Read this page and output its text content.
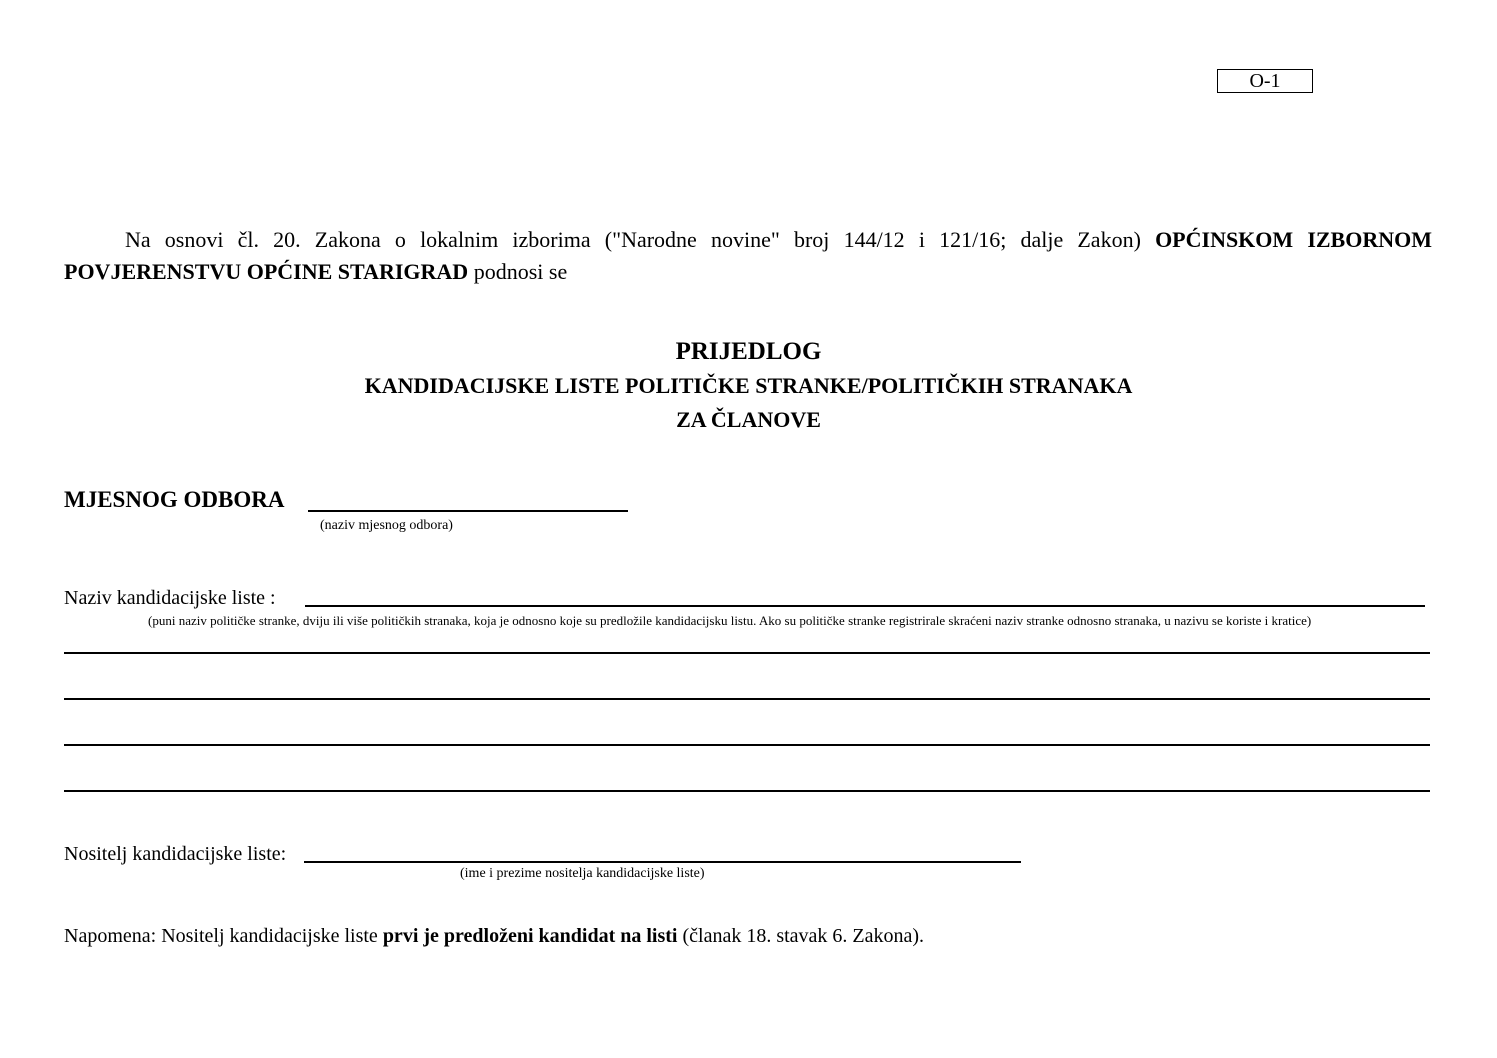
O-1

Na osnovi čl. 20. Zakona o lokalnim izborima ("Narodne novine" broj 144/12 i 121/16; dalje Zakon) OPĆINSKOM IZBORNOM POVJERENSTVU OPĆINE STARIGRAD podnosi se

PRIJEDLOG
KANDIDACIJSKE LISTE POLITIČKE STRANKE/POLITIČKIH STRANAKA
ZA ČLANOVE
MJESNOG ODBORA
(naziv mjesnog odbora)
Naziv kandidacijske liste :
(puni naziv političke stranke, dviju ili više političkih stranaka, koja je odnosno koje su predložile kandidacijsku listu. Ako su političke stranke registrirale skraćeni naziv stranke odnosno stranaka, u nazivu se koriste i kratice)
Nositelj kandidacijske liste:
(ime i prezime nositelja kandidacijske liste)
Napomena: Nositelj kandidacijske liste prvi je predloženi kandidat na listi (članak 18. stavak 6. Zakona).
